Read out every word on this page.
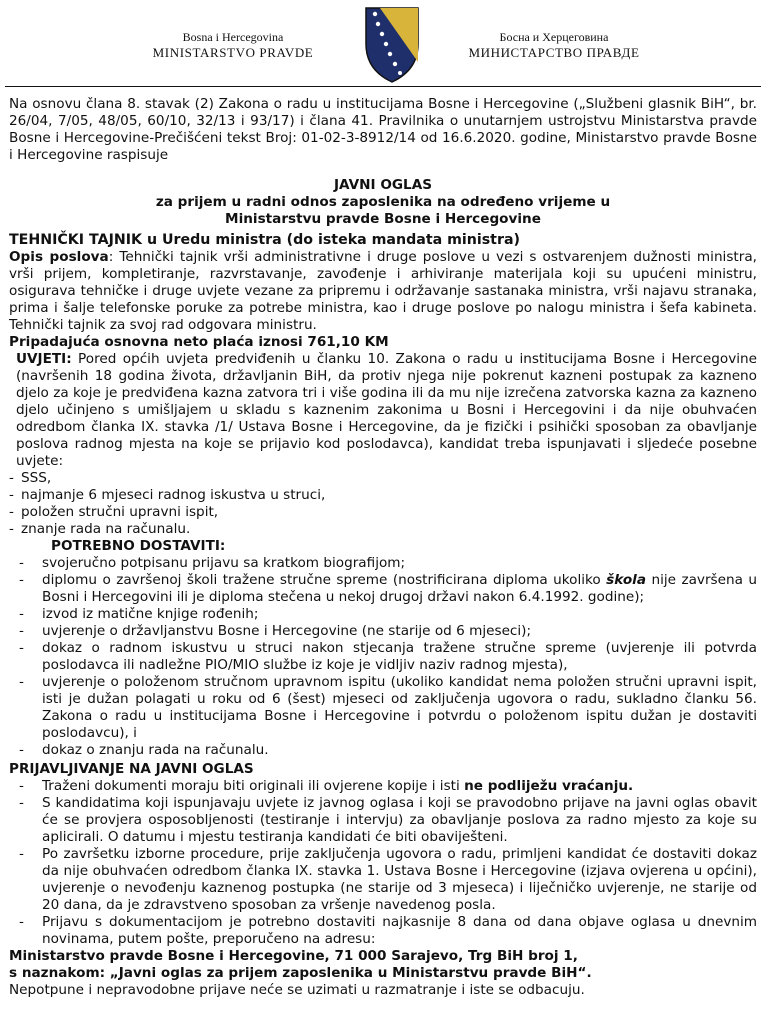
Bosna i Hercegovina
MINISTARSTVO PRAVDE
Босна и Херцеговина
МИНИСТАРСТВО ПРАВДЕ

Na osnovu člana 8. stavak (2) Zakona o radu u institucijama Bosne i Hercegovine („Službeni glasnik BiH“, br. 26/04, 7/05, 48/05, 60/10, 32/13 i 93/17) i člana 41. Pravilnika o unutarnjem ustrojstvu Ministarstva pravde Bosne i Hercegovine-Prečišćeni tekst Broj: 01-02-3-8912/14 od 16.6.2020. godine, Ministarstvo pravde Bosne i Hercegovine raspisuje

JAVNI OGLAS
za prijem u radni odnos zaposlenika na određeno vrijeme u
Ministarstvu pravde Bosne i Hercegovine
TEHNIČKI TAJNIK u Uredu ministra (do isteka mandata ministra)

Opis poslova: Tehnički tajnik vrši administrativne i druge poslove u vezi s ostvarenjem dužnosti ministra, vrši prijem, kompletiranje, razvrstavanje, zavođenje i arhiviranje materijala koji su upućeni ministru, osigurava tehničke i druge uvjete vezane za pripremu i održavanje sastanaka ministra, vrši najavu stranaka, prima i šalje telefonske poruke za potrebe ministra, kao i druge poslove po nalogu ministra i šefa kabineta. Tehnički tajnik za svoj rad odgovara ministru.

Pripadajuća osnovna neto plaća iznosi 761,10 KM

UVJETI: Pored općih uvjeta predviđenih u članku 10. Zakona o radu u institucijama Bosne i Hercegovine (navršenih 18 godina života, državljanin BiH, da protiv njega nije pokrenut kazneni postupak za kazneno djelo za koje je predviđena kazna zatvora tri i više godina ili da mu nije izrečena zatvorska kazna za kazneno djelo učinjeno s umišljajem u skladu s kaznenim zakonima u Bosni i Hercegovini i da nije obuhvaćen odredbom članka IX. stavka /1/ Ustava Bosne i Hercegovine, da je fizički i psihički sposoban za obavljanje poslova radnog mjesta na koje se prijavio kod poslodavca), kandidat treba ispunjavati i sljedeće posebne uvjete:

- SSS,
- najmanje 6 mjeseci radnog iskustva u struci,
- položen stručni upravni ispit,
- znanje rada na računalu.
POTREBNO DOSTAVITI:
- svojeručno potpisanu prijavu sa kratkom biografijom;
- diplomu o završenoj školi tražene stručne spreme (nostrificirana diploma ukoliko škola nije završena u Bosni i Hercegovini ili je diploma stečena u nekoj drugoj državi nakon 6.4.1992. godine);
- izvod iz matične knjige rođenih;
- uvjerenje o državljanstvu Bosne i Hercegovine (ne starije od 6 mjeseci);
- dokaz o radnom iskustvu u struci nakon stjecanja tražene stručne spreme (uvjerenje ili potvrda poslodavca ili nadležne PIO/MIO službe iz koje je vidljiv naziv radnog mjesta),
- uvjerenje o položenom stručnom upravnom ispitu (ukoliko kandidat nema položen stručni upravni ispit, isti je dužan polagati u roku od 6 (šest) mjeseci od zaključenja ugovora o radu, sukladno članku 56. Zakona o radu u institucijama Bosne i Hercegovine i potvrdu o položenom ispitu dužan je dostaviti poslodavcu), i
- dokaz o znanju rada na računalu.
PRIJAVLJIVANJE NA JAVNI OGLAS
- Traženi dokumenti moraju biti originali ili ovjerene kopije i isti ne podliježu vraćanju.
- S kandidatima koji ispunjavaju uvjete iz javnog oglasa i koji se pravodobno prijave na javni oglas obavit će se provjera osposobljenosti (testiranje i intervju) za obavljanje poslova za radno mjesto za koje su aplicirali. O datumu i mjestu testiranja kandidati će biti obaviješteni.
- Po završetku izborne procedure, prije zaključenja ugovora o radu, primljeni kandidat će dostaviti dokaz da nije obuhvaćen odredbom članka IX. stavka 1. Ustava Bosne i Hercegovine (izjava ovjerena u općini), uvjerenje o nevođenju kaznenog postupka (ne starije od 3 mjeseca) i liječničko uvjerenje, ne starije od 20 dana, da je zdravstveno sposoban za vršenje navedenog posla.
- Prijavu s dokumentacijom je potrebno dostaviti najkasnije 8 dana od dana objave oglasa u dnevnim novinama, putem pošte, preporučeno na adresu:
Ministarstvo pravde Bosne i Hercegovine, 71 000 Sarajevo, Trg BiH broj 1,
s naznakom: „Javni oglas za prijem zaposlenika u Ministarstvu pravde BiH“.
Nepotpune i nepravodobne prijave neće se uzimati u razmatranje i iste se odbacuju.
